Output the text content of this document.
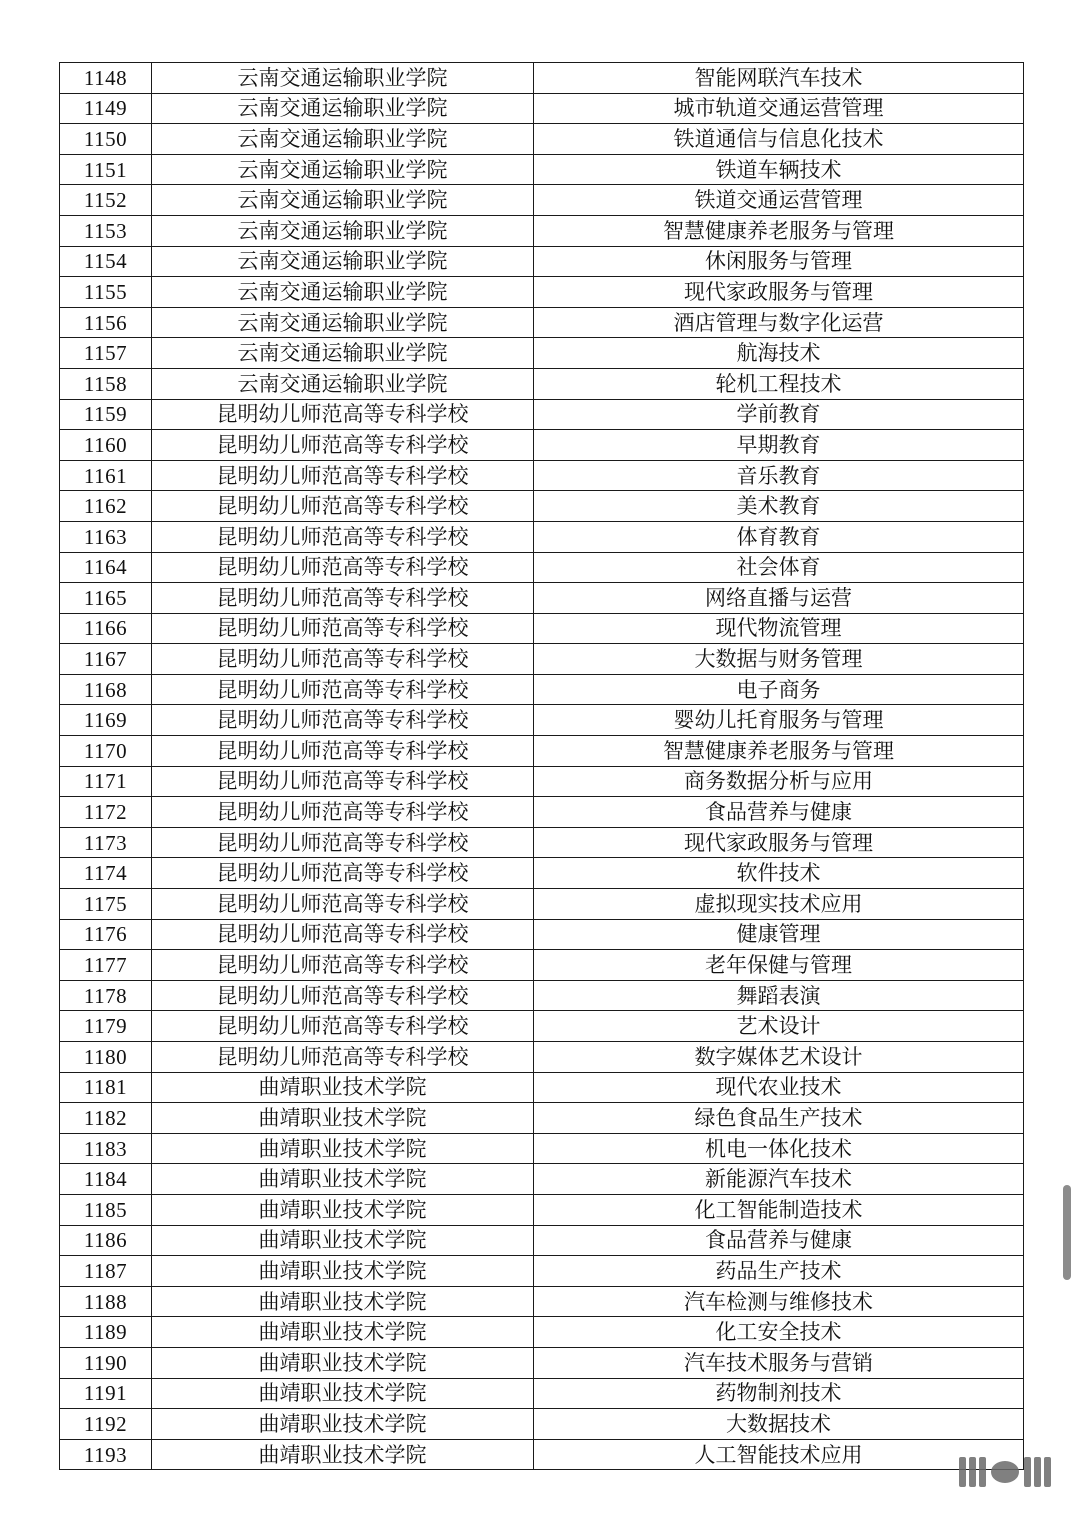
1148	云南交通运输职业学院	智能网联汽车技术
1149	云南交通运输职业学院	城市轨道交通运营管理
1150	云南交通运输职业学院	铁道通信与信息化技术
1151	云南交通运输职业学院	铁道车辆技术
1152	云南交通运输职业学院	铁道交通运营管理
1153	云南交通运输职业学院	智慧健康养老服务与管理
1154	云南交通运输职业学院	休闲服务与管理
1155	云南交通运输职业学院	现代家政服务与管理
1156	云南交通运输职业学院	酒店管理与数字化运营
1157	云南交通运输职业学院	航海技术
1158	云南交通运输职业学院	轮机工程技术
1159	昆明幼儿师范高等专科学校	学前教育
1160	昆明幼儿师范高等专科学校	早期教育
1161	昆明幼儿师范高等专科学校	音乐教育
1162	昆明幼儿师范高等专科学校	美术教育
1163	昆明幼儿师范高等专科学校	体育教育
1164	昆明幼儿师范高等专科学校	社会体育
1165	昆明幼儿师范高等专科学校	网络直播与运营
1166	昆明幼儿师范高等专科学校	现代物流管理
1167	昆明幼儿师范高等专科学校	大数据与财务管理
1168	昆明幼儿师范高等专科学校	电子商务
1169	昆明幼儿师范高等专科学校	婴幼儿托育服务与管理
1170	昆明幼儿师范高等专科学校	智慧健康养老服务与管理
1171	昆明幼儿师范高等专科学校	商务数据分析与应用
1172	昆明幼儿师范高等专科学校	食品营养与健康
1173	昆明幼儿师范高等专科学校	现代家政服务与管理
1174	昆明幼儿师范高等专科学校	软件技术
1175	昆明幼儿师范高等专科学校	虚拟现实技术应用
1176	昆明幼儿师范高等专科学校	健康管理
1177	昆明幼儿师范高等专科学校	老年保健与管理
1178	昆明幼儿师范高等专科学校	舞蹈表演
1179	昆明幼儿师范高等专科学校	艺术设计
1180	昆明幼儿师范高等专科学校	数字媒体艺术设计
1181	曲靖职业技术学院	现代农业技术
1182	曲靖职业技术学院	绿色食品生产技术
1183	曲靖职业技术学院	机电一体化技术
1184	曲靖职业技术学院	新能源汽车技术
1185	曲靖职业技术学院	化工智能制造技术
1186	曲靖职业技术学院	食品营养与健康
1187	曲靖职业技术学院	药品生产技术
1188	曲靖职业技术学院	汽车检测与维修技术
1189	曲靖职业技术学院	化工安全技术
1190	曲靖职业技术学院	汽车技术服务与营销
1191	曲靖职业技术学院	药物制剂技术
1192	曲靖职业技术学院	大数据技术
1193	曲靖职业技术学院	人工智能技术应用
